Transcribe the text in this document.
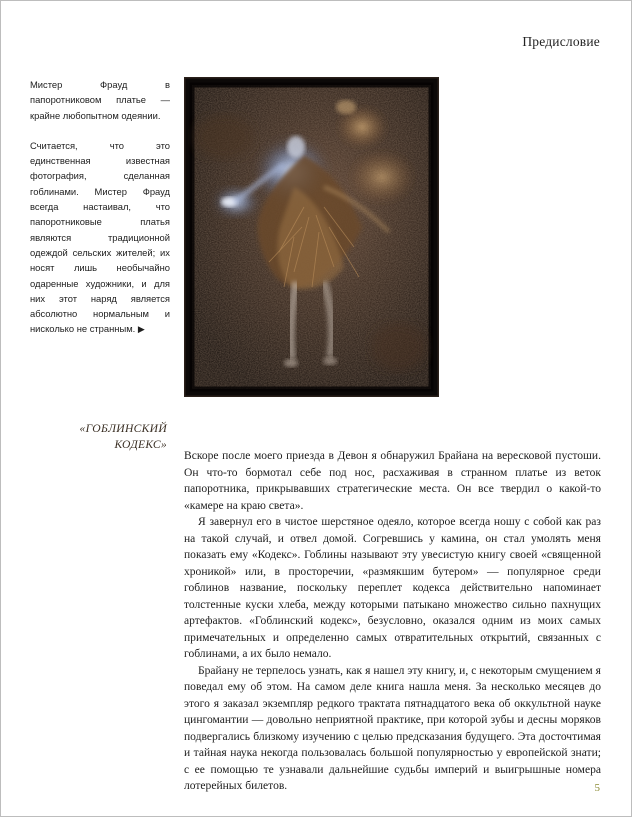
Предисловие

Мистер Фрауд в папоротниковом платье — крайне любопытном одеянии.

Считается, что это единственная известная фотография, сделанная гоблинами. Мистер Фрауд всегда настаивал, что папоротниковые платья являются традиционной одеждой сельских жителей; их носят лишь необычайно одаренные художники, и для них этот наряд является абсолютно нормальным и нисколько не странным. ▶

«ГОБЛИНСКИЙ
КОДЕКС»

Вскоре после моего приезда в Девон я обнаружил Брайана на вересковой пустоши. Он что-то бормотал себе под нос, расхаживая в странном платье из веток папоротника, прикрывавших стратегические места. Он все твердил о какой-то «камере на краю света».

Я завернул его в чистое шерстяное одеяло, которое всегда ношу с собой как раз на такой случай, и отвел домой. Согревшись у камина, он стал умолять меня показать ему «Кодекс». Гоблины называют эту увесистую книгу своей «священной хроникой» или, в просторечии, «размякшим бутером» — популярное среди гоблинов название, поскольку переплет кодекса действительно напоминает толстенные куски хлеба, между которыми патыкано множество сильно пахнущих артефактов. «Гоблинский кодекс», безусловно, оказался одним из моих самых примечательных и определенно самых отвратительных открытий, связанных с гоблинами, а их было немало.

Брайану не терпелось узнать, как я нашел эту книгу, и, с некоторым смущением я поведал ему об этом. На самом деле книга нашла меня. За несколько месяцев до этого я заказал экземпляр редкого трактата пятнадцатого века об оккультной науке цингомантии — довольно неприятной практике, при которой зубы и десны моряков подвергались близкому изучению с целью предсказания будущего. Эта досточтимая и тайная наука некогда пользовалась большой популярностью у европейской знати; с ее помощью те узнавали дальнейшие судьбы империй и выигрышные номера лотерейных билетов.	5
